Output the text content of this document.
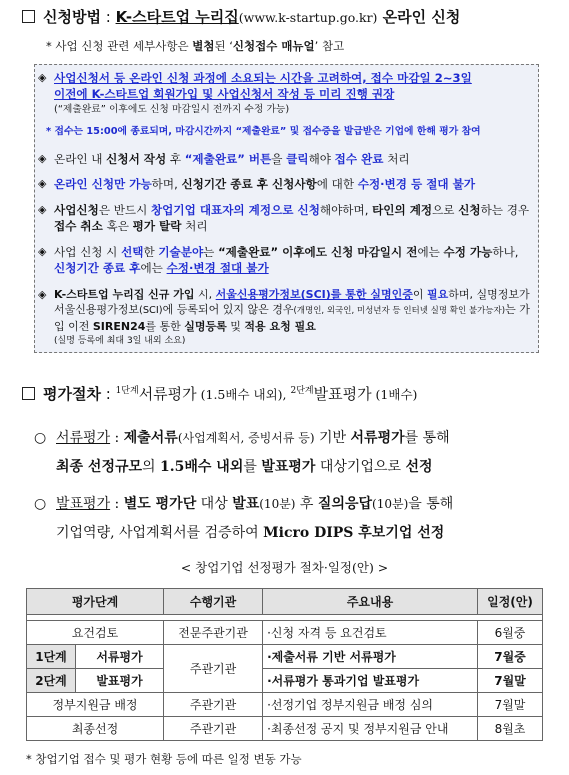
신청방법 : K-스타트업 누리집(www.k-startup.go.kr) 온라인 신청
* 사업 신청 관련 세부사항은 별첨된 ‘신청접수 매뉴얼’ 참고
◈ 사업신청서 등 온라인 신청 과정에 소요되는 시간을 고려하여, 접수 마감일 2~3일
이전에 K-스타트업 회원가입 및 사업신청서 작성 등 미리 진행 권장
(“제출완료” 이후에도 신청 마감일시 전까지 수정 가능)
* 접수는 15:00에 종료되며, 마감시간까지 “제출완료” 및 접수증을 발급받은 기업에 한해 평가 참여
◈ 온라인 내 신청서 작성 후 “제출완료” 버튼을 클릭해야 접수 완료 처리
◈ 온라인 신청만 가능하며, 신청기간 종료 후 신청사항에 대한 수정·변경 등 절대 불가
◈ 사업신청은 반드시 창업기업 대표자의 계정으로 신청해야하며, 타인의 계정으로 신청하는 경우 접수 취소 혹은 평가 탈락 처리
◈ 사업 신청 시 선택한 기술분야는 “제출완료” 이후에도 신청 마감일시 전에는 수정 가능하나, 신청기간 종료 후에는 수정·변경 절대 불가
◈ K-스타트업 누리집 신규 가입 시, 서울신용평가정보(SCI)를 통한 실명인증이 필요하며, 실명정보가 서울신용평가정보(SCI)에 등록되어 있지 않은 경우(개명인, 외국인, 미성년자 등 인터넷 실명 확인 불가능자)는 가입 이전 SIREN24를 통한 실명등록 및 적용 요청 필요
(실명 등록에 최대 3일 내외 소요)
평가절차 : $^{1단계}$서류평가 (1.5배수 내외), $^{2단계}$발표평가 (1배수)
○ 서류평가 : 제출서류(사업계획서, 증빙서류 등) 기반 서류평가를 통해
최종 선정규모의 1.5배수 내외를 발표평가 대상기업으로 선정
○ 발표평가 : 별도 평가단 대상 발표(10분) 후 질의응답(10분)을 통해
기업역량, 사업계획서를 검증하여 Micro DIPS 후보기업 선정
< 창업기업 선정평가 절차·일정(안) >
평가단계		수행기관	주요내용	일정(안)

요건검토		전문주관기관	·신청 자격 등 요건검토	6월중
1단계	서류평가	주관기관	·제출서류 기반 서류평가	7월중
2단계	발표평가		·서류평가 통과기업 발표평가	7월말
정부지원금 배정		주관기관	·선정기업 정부지원금 배정 심의	7월말
최종선정		주관기관	·최종선정 공지 및 정부지원금 안내	8월초
* 창업기업 접수 및 평가 현황 등에 따른 일정 변동 가능
